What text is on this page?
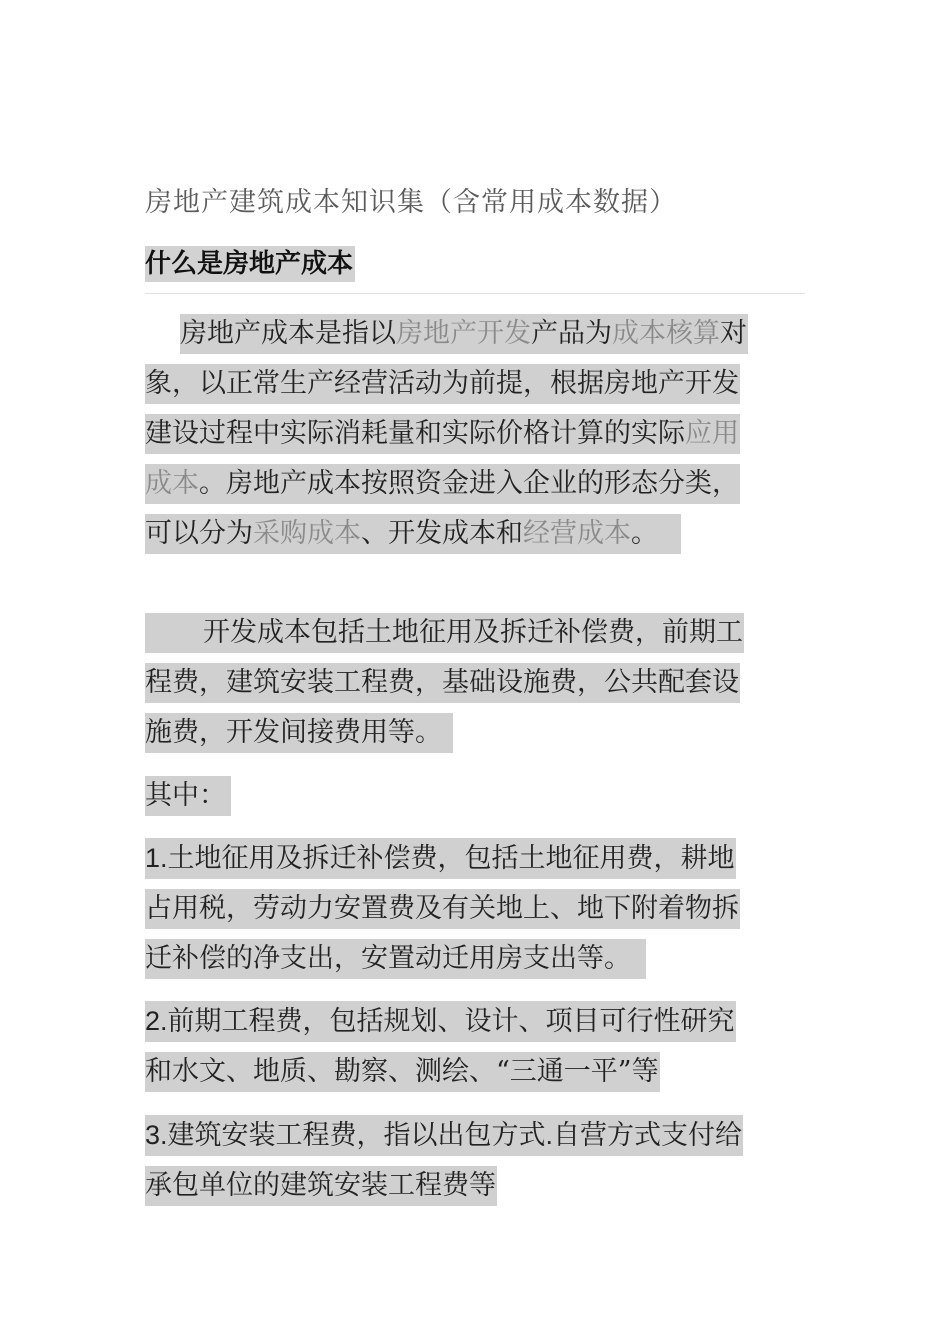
房地产建筑成本知识集（含常用成本数据）
什么是房地产成本
房地产成本是指以房地产开发产品为成本核算对
象，以正常生产经营活动为前提，根据房地产开发
建设过程中实际消耗量和实际价格计算的实际应用
成本。房地产成本按照资金进入企业的形态分类，
可以分为采购成本、开发成本和经营成本。
开发成本包括土地征用及拆迁补偿费，前期工
程费，建筑安装工程费，基础设施费，公共配套设
施费，开发间接费用等。
其中：
1.土地征用及拆迁补偿费，包括土地征用费，耕地
占用税，劳动力安置费及有关地上、地下附着物拆
迁补偿的净支出，安置动迁用房支出等。
2.前期工程费，包括规划、设计、项目可行性研究
和水文、地质、勘察、测绘、“三通一平”等
3.建筑安装工程费，指以出包方式.自营方式支付给
承包单位的建筑安装工程费等
